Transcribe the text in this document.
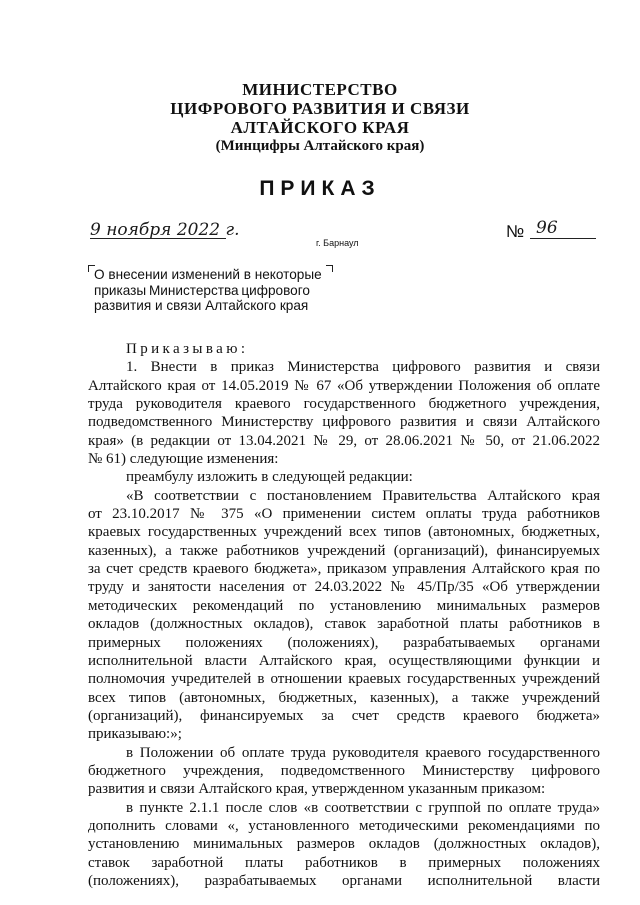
МИНИСТЕРСТВО
ЦИФРОВОГО РАЗВИТИЯ И СВЯЗИ
АЛТАЙСКОГО КРАЯ
(Минцифры Алтайского края)
ПРИКАЗ
9 ноября 2022 г.	№ 96
г. Барнаул
О внесении изменений в некоторые
приказы Министерства цифрового
развития и связи Алтайского края
Приказываю:
1. Внести в приказ Министерства цифрового развития и связи
Алтайского края от 14.05.2019 № 67 «Об утверждении Положения об оплате
труда руководителя краевого государственного бюджетного учреждения,
подведомственного Министерству цифрового развития и связи Алтайского
края» (в редакции от 13.04.2021 № 29, от 28.06.2021 № 50, от 21.06.2022
№ 61) следующие изменения:
преамбулу изложить в следующей редакции:
«В соответствии с постановлением Правительства Алтайского края
от 23.10.2017 № 375 «О применении систем оплаты труда работников
краевых государственных учреждений всех типов (автономных, бюджетных,
казенных), а также работников учреждений (организаций), финансируемых
за счет средств краевого бюджета», приказом управления Алтайского края по
труду и занятости населения от 24.03.2022 № 45/Пр/35 «Об утверждении
методических рекомендаций по установлению минимальных размеров
окладов (должностных окладов), ставок заработной платы работников в
примерных положениях (положениях), разрабатываемых органами
исполнительной власти Алтайского края, осуществляющими функции и
полномочия учредителей в отношении краевых государственных учреждений
всех типов (автономных, бюджетных, казенных), а также учреждений
(организаций), финансируемых за счет средств краевого бюджета»
приказываю:»;
в Положении об оплате труда руководителя краевого государственного
бюджетного учреждения, подведомственного Министерству цифрового
развития и связи Алтайского края, утвержденном указанным приказом:
в пункте 2.1.1 после слов «в соответствии с группой по оплате труда»
дополнить словами «, установленного методическими рекомендациями по
установлению минимальных размеров окладов (должностных окладов),
ставок заработной платы работников в примерных положениях
(положениях), разрабатываемых органами исполнительной власти
